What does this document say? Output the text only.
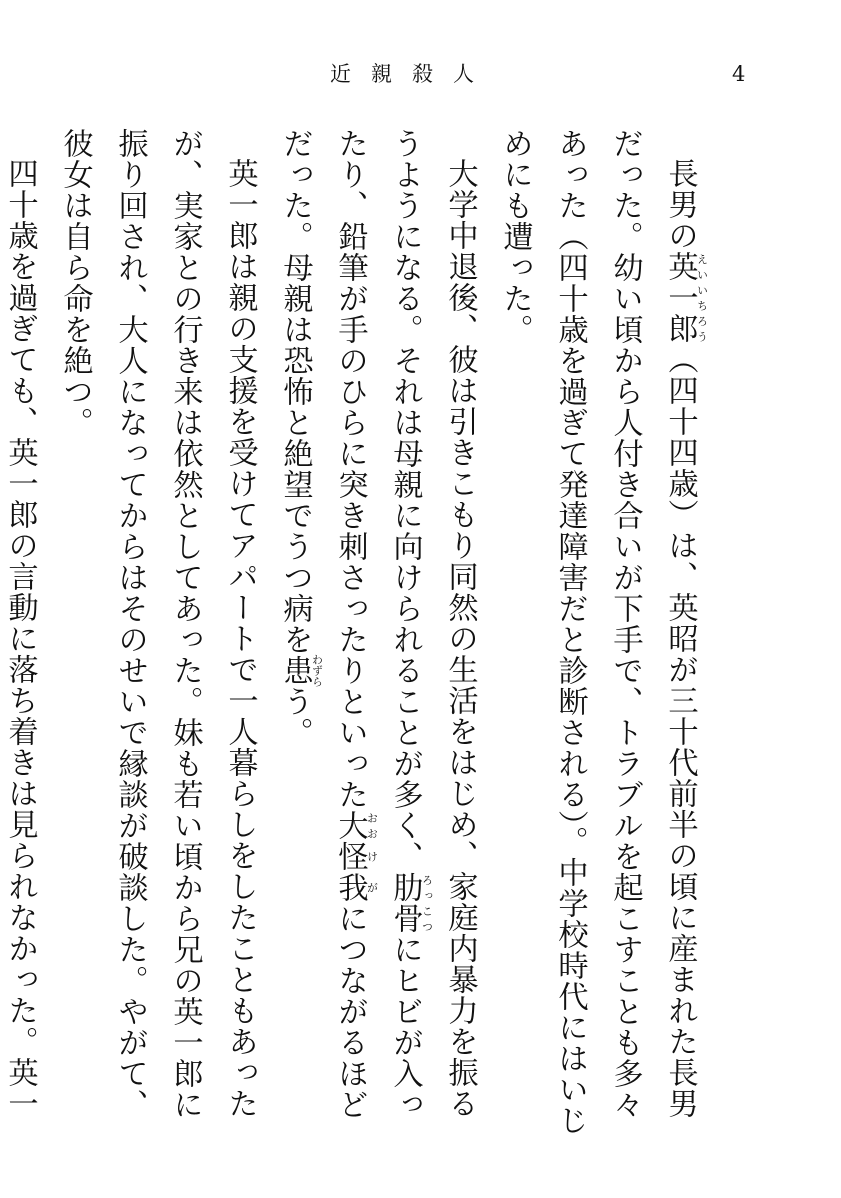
近親殺人	4

長男の英一郎えいいちろう（四十四歳）は、英昭が三十代前半の頃に産まれた長男だった。幼い頃から人付き合いが下手で、トラブルを起こすことも多々あった（四十歳を過ぎて発達障害だと診断される）。中学校時代にはいじめにも遭った。

大学中退後、彼は引きこもり同然の生活をはじめ、家庭内暴力を振るうようになる。それは母親に向けられることが多く、肋ろっ骨こつにヒビが入ったり、鉛筆が手のひらに突き刺さったりといった大おお怪け我がにつながるほどだった。母親は恐怖と絶望でうつ病を患わずらう。

英一郎は親の支援を受けてアパートで一人暮らしをしたこともあったが、実家との行き来は依然としてあった。妹も若い頃から兄の英一郎に振り回され、大人になってからはそのせいで縁談が破談した。やがて、彼女は自ら命を絶つ。

四十歳を過ぎても、英一郎の言動に落ち着きは見られなかった。英一
